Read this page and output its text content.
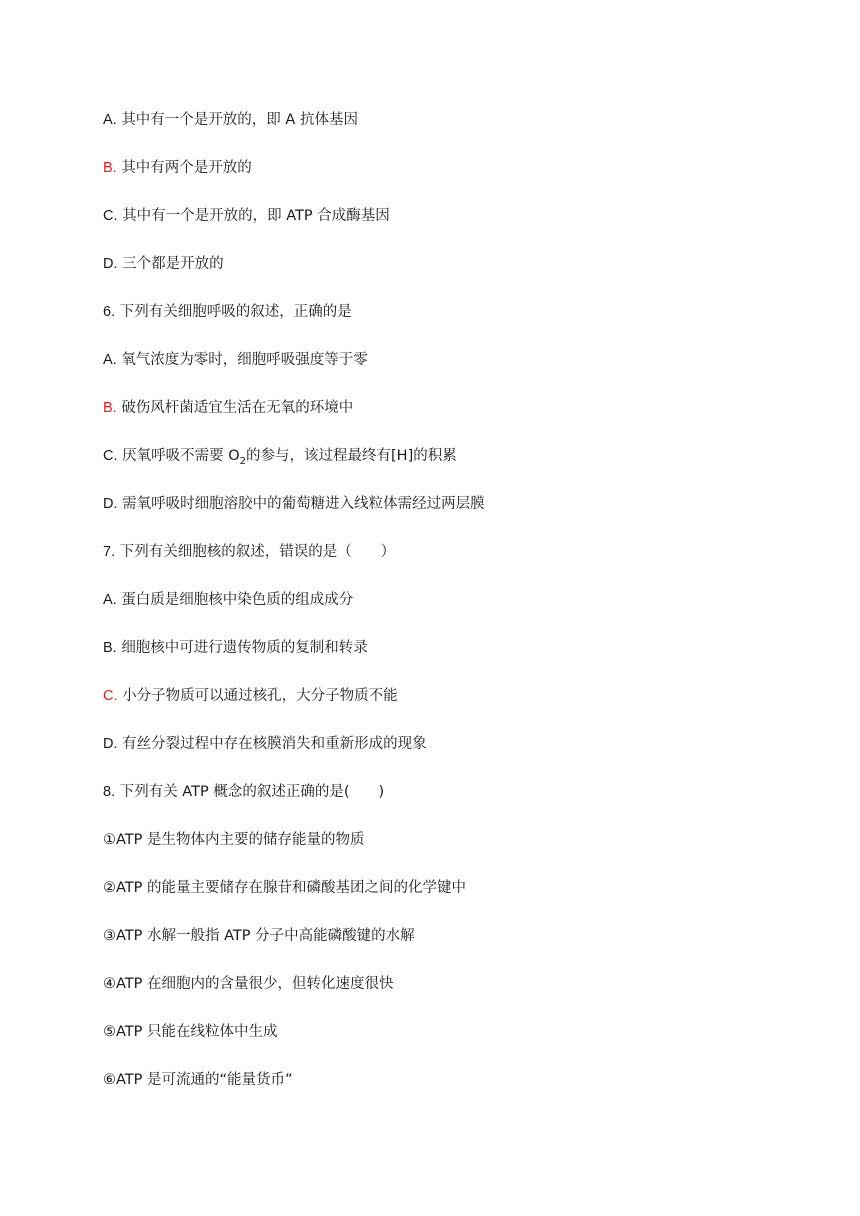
A. 其中有一个是开放的，即 A 抗体基因
B. 其中有两个是开放的
C. 其中有一个是开放的，即 ATP 合成酶基因
D. 三个都是开放的
6. 下列有关细胞呼吸的叙述，正确的是
A. 氧气浓度为零时，细胞呼吸强度等于零
B. 破伤风杆菌适宜生活在无氧的环境中
C. 厌氧呼吸不需要 $O_2$的参与，该过程最终有[H]的积累
D. 需氧呼吸时细胞溶胶中的葡萄糖进入线粒体需经过两层膜
7. 下列有关细胞核的叙述，错误的是（　　）
A. 蛋白质是细胞核中染色质的组成成分
B. 细胞核中可进行遗传物质的复制和转录
C. 小分子物质可以通过核孔，大分子物质不能
D. 有丝分裂过程中存在核膜消失和重新形成的现象
8. 下列有关 ATP 概念的叙述正确的是(　　)
①ATP 是生物体内主要的储存能量的物质
②ATP 的能量主要储存在腺苷和磷酸基团之间的化学键中
③ATP 水解一般指 ATP 分子中高能磷酸键的水解
④ATP 在细胞内的含量很少，但转化速度很快
⑤ATP 只能在线粒体中生成
⑥ATP 是可流通的“能量货币”
